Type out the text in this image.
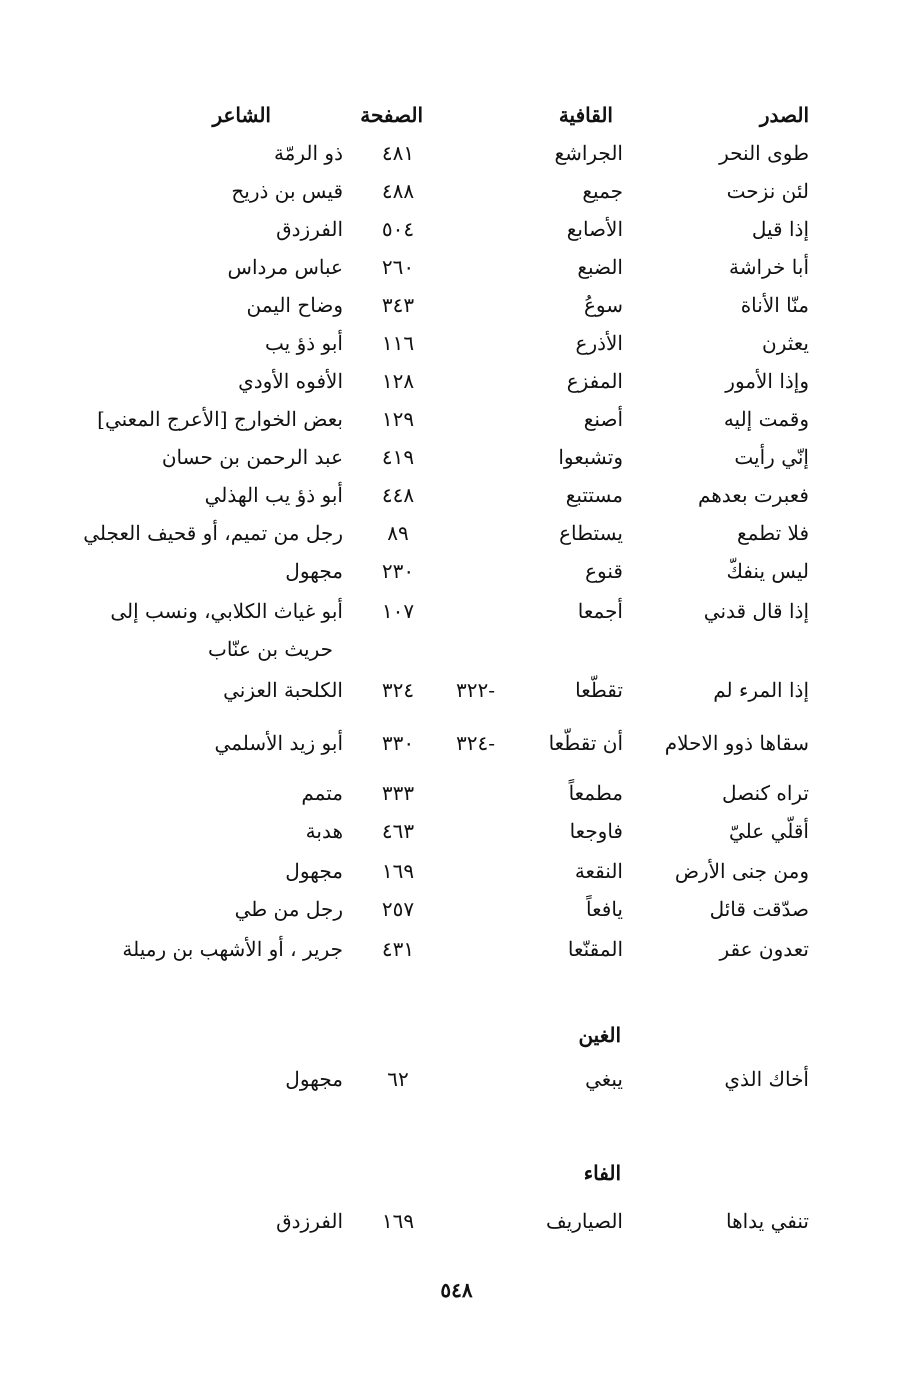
الصدر
القافية
الصفحة
الشاعر
طوى النحر
الجراشع
٤٨١
ذو الرمّة
لئن نزحت
جميع
٤٨٨
قيس بن ذريح
إذا قيل
الأصابع
٥٠٤
الفرزدق
أبا خراشة
الضبع
٢٦٠
عباس مرداس
منّا الأناة
سوعُ
٣٤٣
وضاح اليمن
يعثرن
الأذرع
١١٦
أبو ذؤ يب
وإذا الأمور
المفزع
١٢٨
الأفوه الأودي
وقمت إليه
أصنع
١٢٩
بعض الخوارج [الأعرج المعني]
إنّي رأيت
وتشبعوا
٤١٩
عبد الرحمن بن حسان
فعبرت بعدهم
مستتبع
٤٤٨
أبو ذؤ يب الهذلي
فلا تطمع
يستطاع
٨٩
رجل من تميم، أو قحيف العجلي
ليس ينفكّ
قنوع
٢٣٠
مجهول
إذا قال قدني
أجمعا
١٠٧
أبو غياث الكلابي، ونسب إلى
حريث بن عنّاب
إذا المرء لم
تقطّعا
-٣٢٢
٣٢٤
الكلحبة العزني
سقاها ذوو الاحلام
أن تقطّعا
-٣٢٤
٣٣٠
أبو زيد الأسلمي
تراه كنصل
مطمعاً
٣٣٣
متمم
أقلّي عليّ
فاوجعا
٤٦٣
هدبة
ومن جنى الأرض
النقعة
١٦٩
مجهول
صدّقت قائل
يافعاً
٢٥٧
رجل من طي
تعدون عقر
المقنّعا
٤٣١
جرير ، أو الأشهب بن رميلة
الغين
أخاك الذي
يبغي
٦٢
مجهول
الفاء
تنفي يداها
الصياريف
١٦٩
الفرزدق
٥٤٨
